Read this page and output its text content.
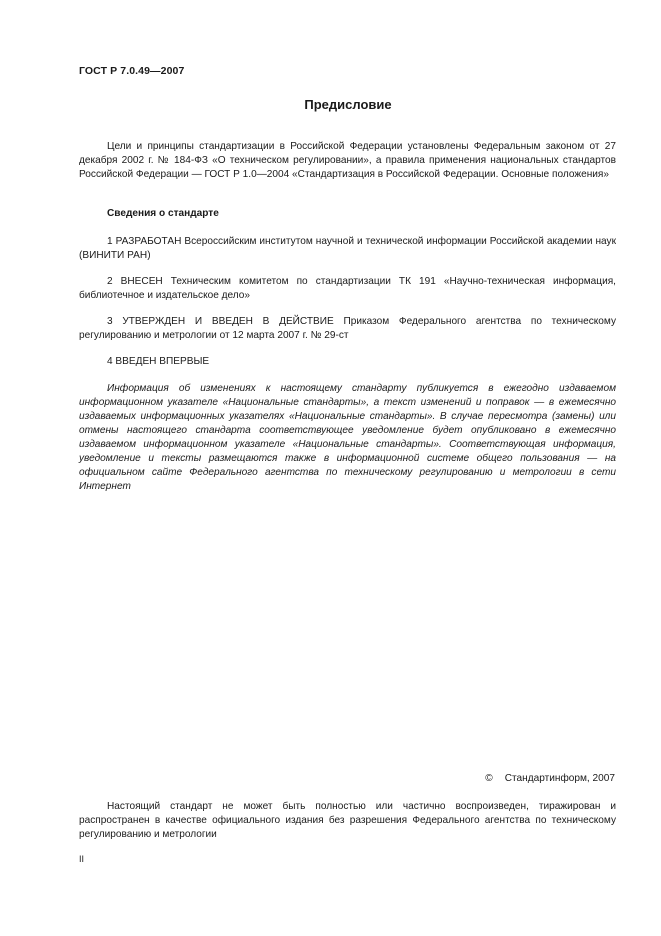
ГОСТ Р 7.0.49—2007
Предисловие

Цели и принципы стандартизации в Российской Федерации установлены Федеральным законом от 27 декабря 2002 г. № 184-ФЗ «О техническом регулировании», а правила применения национальных стандартов Российской Федерации — ГОСТ Р 1.0—2004 «Стандартизация в Российской Федерации. Основные положения»

Сведения о стандарте

1 РАЗРАБОТАН Всероссийским институтом научной и технической информации Российской академии наук (ВИНИТИ РАН)

2 ВНЕСЕН Техническим комитетом по стандартизации ТК 191 «Научно-техническая информация, библиотечное и издательское дело»

3 УТВЕРЖДЕН И ВВЕДЕН В ДЕЙСТВИЕ Приказом Федерального агентства по техническому регулированию и метрологии от 12 марта 2007 г. № 29-ст

4 ВВЕДЕН ВПЕРВЫЕ

Информация об изменениях к настоящему стандарту публикуется в ежегодно издаваемом информационном указателе «Национальные стандарты», а текст изменений и поправок — в ежемесячно издаваемых информационных указателях «Национальные стандарты». В случае пересмотра (замены) или отмены настоящего стандарта соответствующее уведомление будет опубликовано в ежемесячно издаваемом информационном указателе «Национальные стандарты». Соответствующая информация, уведомление и тексты размещаются также в информационной системе общего пользования — на официальном сайте Федерального агентства по техническому регулированию и метрологии в сети Интернет

© Стандартинформ, 2007

Настоящий стандарт не может быть полностью или частично воспроизведен, тиражирован и распространен в качестве официального издания без разрешения Федерального агентства по техническому регулированию и метрологии

II
